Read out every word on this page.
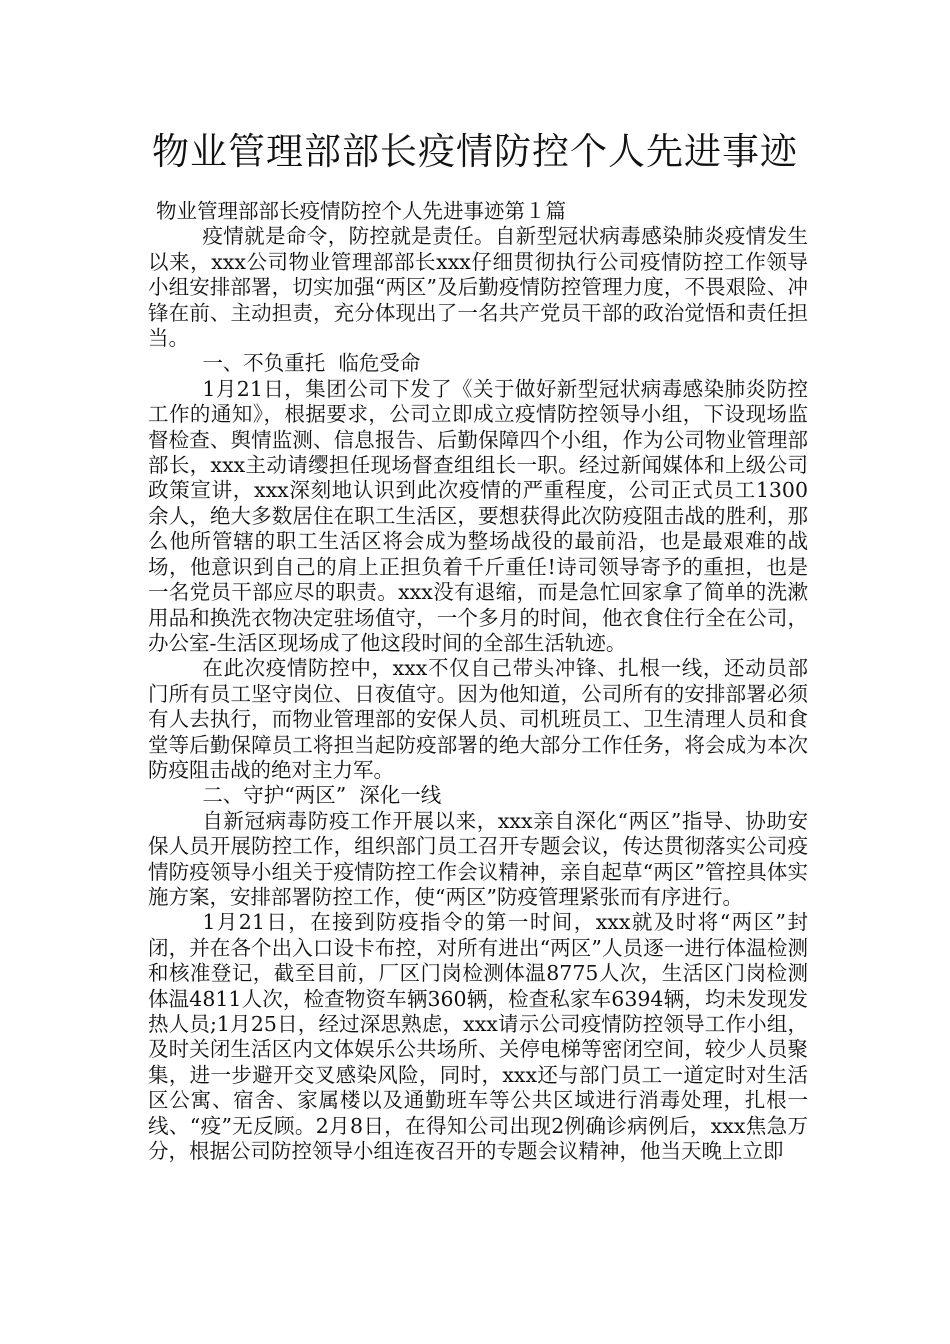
物业管理部部长疫情防控个人先进事迹

物业管理部部长疫情防控个人先进事迹第１篇

疫情就是命令，防控就是责任。自新型冠状病毒感染肺炎疫情发生以来，xxx公司物业管理部部长xxx仔细贯彻执行公司疫情防控工作领导小组安排部署，切实加强“两区”及后勤疫情防控管理力度，不畏艰险、冲锋在前、主动担责，充分体现出了一名共产党员干部的政治觉悟和责任担当。

一、不负重托  临危受命

1月21日，集团公司下发了《关于做好新型冠状病毒感染肺炎防控工作的通知》，根据要求，公司立即成立疫情防控领导小组，下设现场监督检查、舆情监测、信息报告、后勤保障四个小组，作为公司物业管理部部长，xxx主动请缨担任现场督查组组长一职。经过新闻媒体和上级公司政策宣讲，xxx深刻地认识到此次疫情的严重程度，公司正式员工1300余人，绝大多数居住在职工生活区，要想获得此次防疫阻击战的胜利，那么他所管辖的职工生活区将会成为整场战役的最前沿，也是最艰难的战场，他意识到自己的肩上正担负着千斤重任!诗司领导寄予的重担，也是一名党员干部应尽的职责。xxx没有退缩，而是急忙回家拿了简单的洗漱用品和换洗衣物决定驻场值守，一个多月的时间，他衣食住行全在公司，办公室-生活区现场成了他这段时间的全部生活轨迹。

在此次疫情防控中，xxx不仅自己带头冲锋、扎根一线，还动员部门所有员工坚守岗位、日夜值守。因为他知道，公司所有的安排部署必须有人去执行，而物业管理部的安保人员、司机班员工、卫生清理人员和食堂等后勤保障员工将担当起防疫部署的绝大部分工作任务，将会成为本次防疫阻击战的绝对主力军。

二、守护“两区”  深化一线

自新冠病毒防疫工作开展以来，xxx亲自深化“两区”指导、协助安保人员开展防控工作，组织部门员工召开专题会议，传达贯彻落实公司疫情防疫领导小组关于疫情防控工作会议精神，亲自起草“两区”管控具体实施方案，安排部署防控工作，使“两区”防疫管理紧张而有序进行。

1月21日，在接到防疫指令的第一时间，xxx就及时将“两区”封闭，并在各个出入口设卡布控，对所有进出“两区”人员逐一进行体温检测和核准登记，截至目前，厂区门岗检测体温8775人次，生活区门岗检测体温4811人次，检查物资车辆360辆，检查私家车6394辆，均未发现发热人员;1月25日，经过深思熟虑，xxx请示公司疫情防控领导工作小组，及时关闭生活区内文体娱乐公共场所、关停电梯等密闭空间，较少人员聚集，进一步避开交叉感染风险，同时，xxx还与部门员工一道定时对生活区公寓、宿舍、家属楼以及通勤班车等公共区域进行消毒处理，扎根一线、“疫”无反顾。2月8日，在得知公司出现2例确诊病例后，xxx焦急万分，根据公司防控领导小组连夜召开的专题会议精神，他当天晚上立即
